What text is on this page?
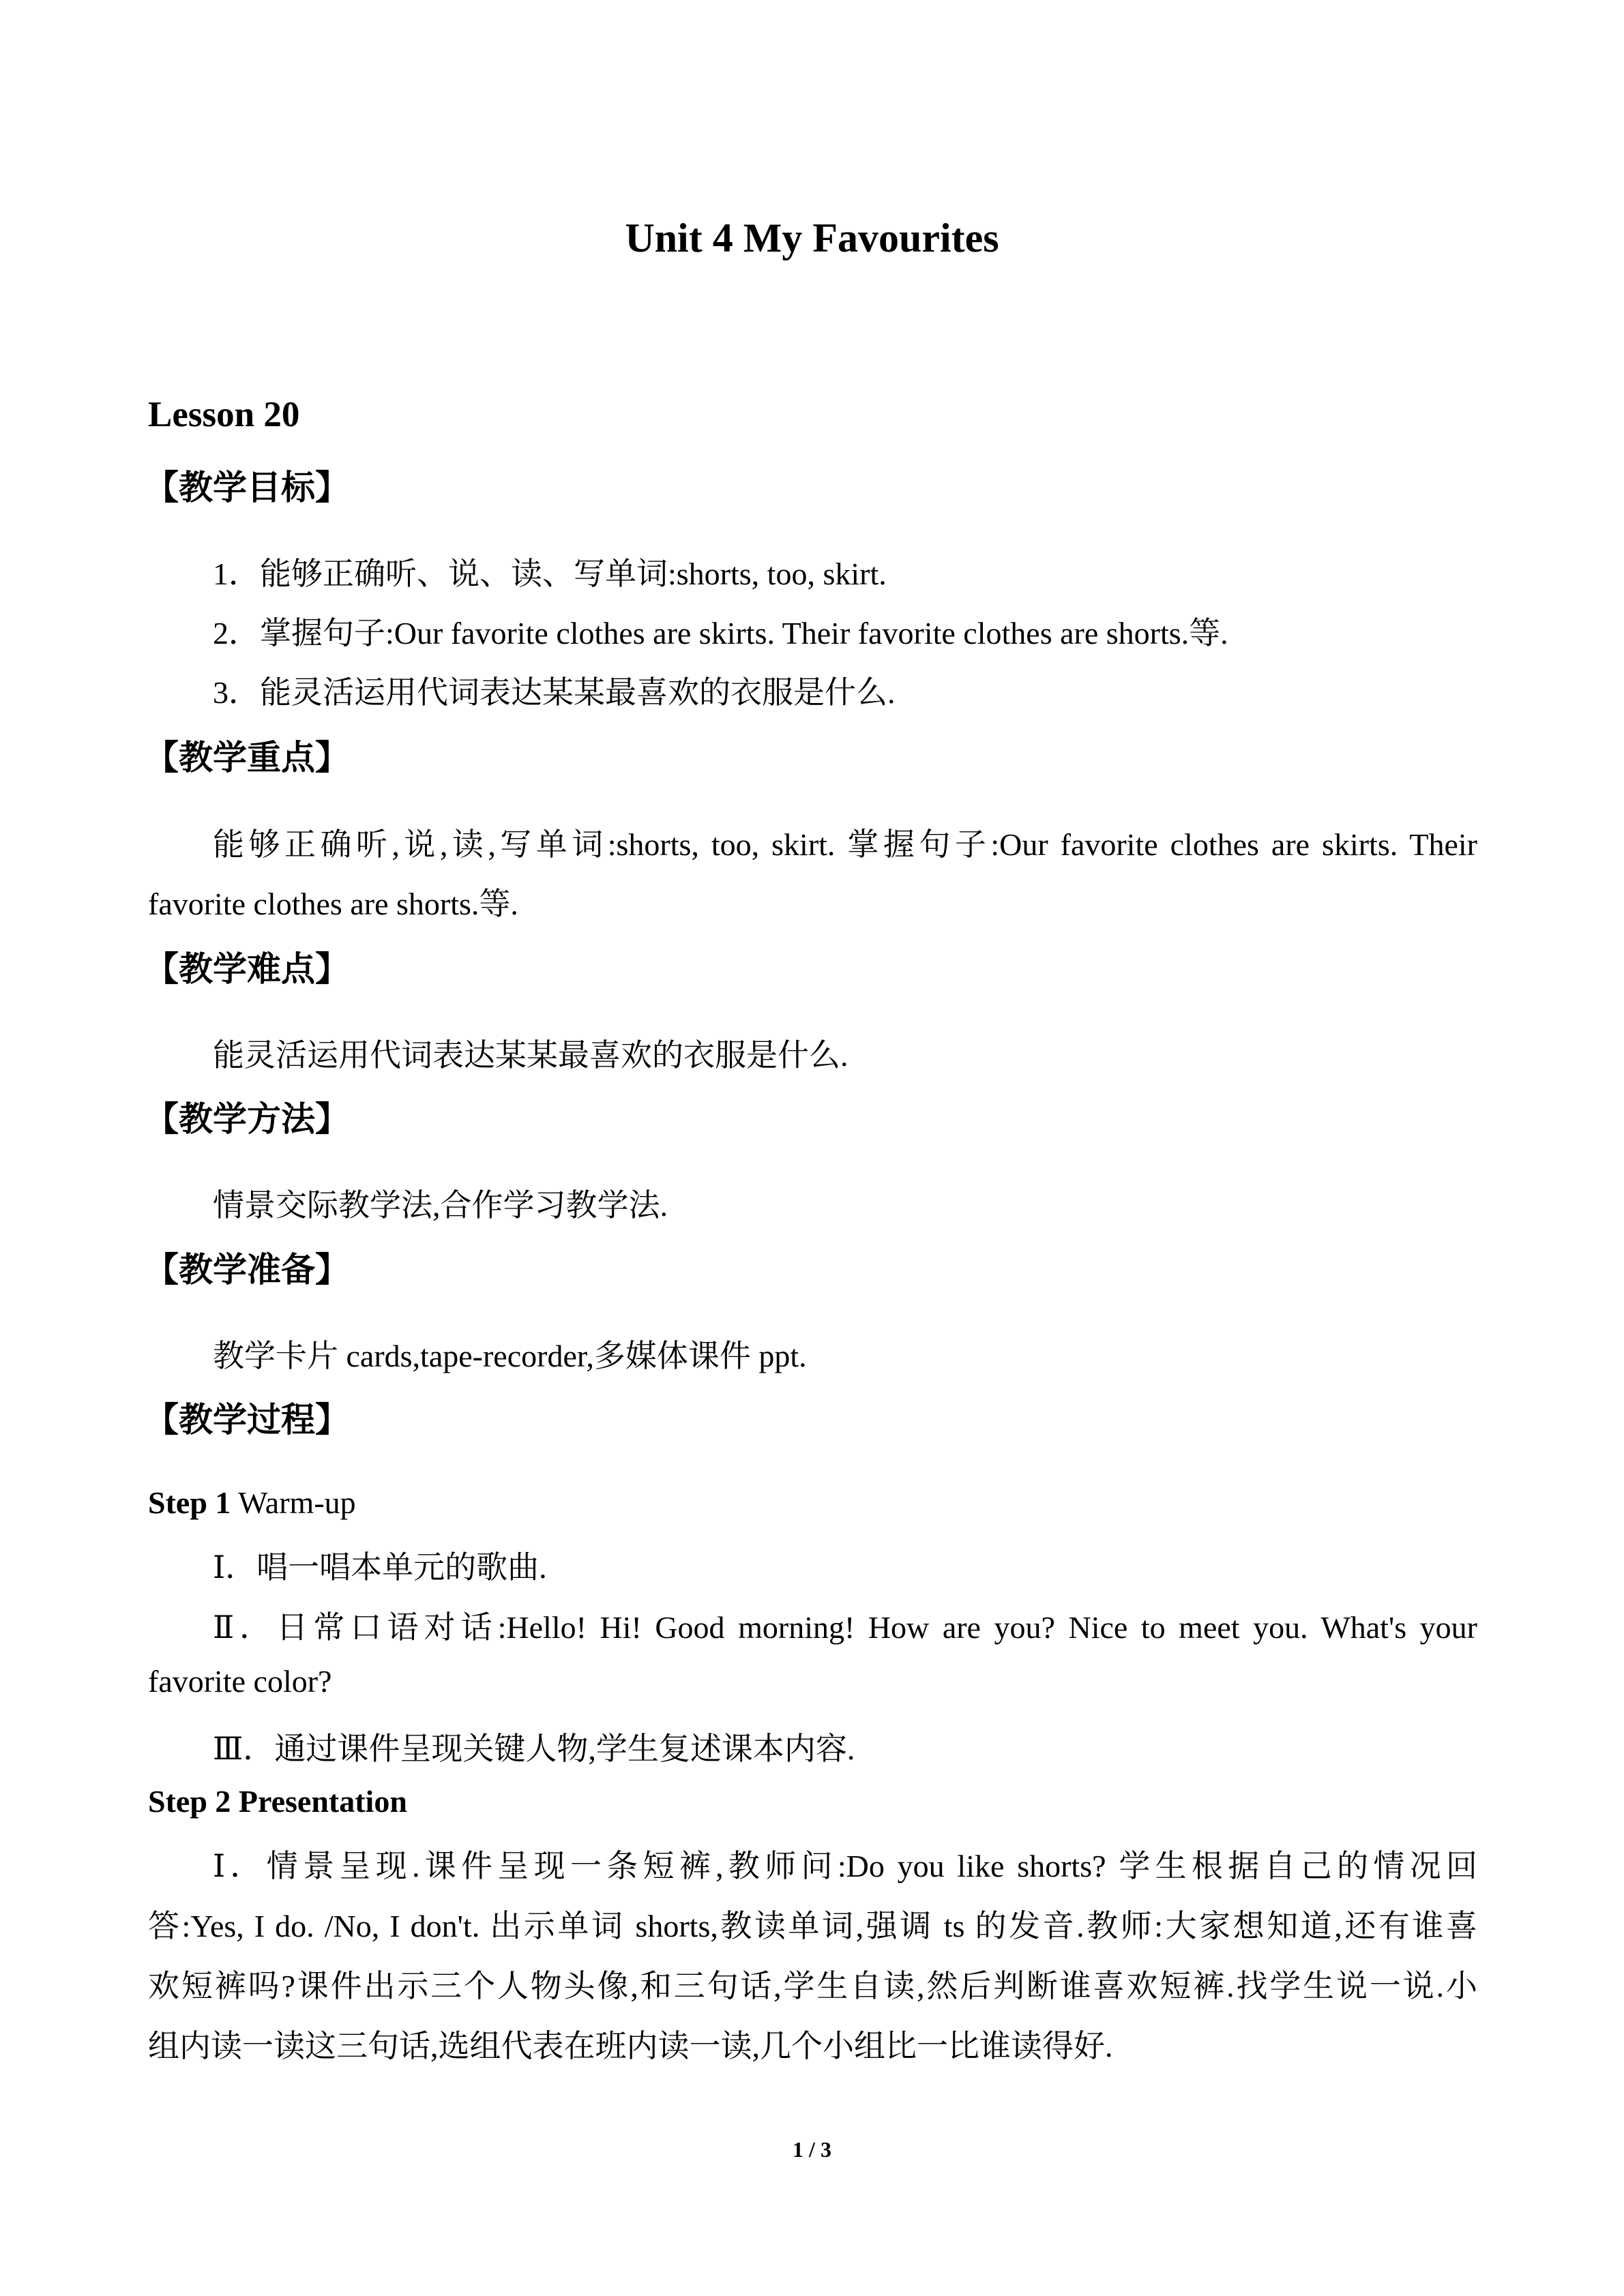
Unit 4 My Favourites
Lesson 20
【教学目标】
1．能够正确听、说、读、写单词:shorts, too, skirt.
2．掌握句子:Our favorite clothes are skirts. Their favorite clothes are shorts.等.
3．能灵活运用代词表达某某最喜欢的衣服是什么.
【教学重点】
能够正确听,说,读,写单词:shorts, too, skirt. 掌握句子:Our favorite clothes are skirts. Their
favorite clothes are shorts.等.
【教学难点】
能灵活运用代词表达某某最喜欢的衣服是什么.
【教学方法】
情景交际教学法,合作学习教学法.
【教学准备】
教学卡片 cards,tape-recorder,多媒体课件 ppt.
【教学过程】
Step 1 Warm-up
Ⅰ．唱一唱本单元的歌曲.
Ⅱ．日常口语对话:Hello! Hi! Good morning! How are you? Nice to meet you. What's your
favorite color?
Ⅲ．通过课件呈现关键人物,学生复述课本内容.
Step 2 Presentation
Ⅰ．情景呈现.课件呈现一条短裤,教师问:Do you like shorts? 学生根据自己的情况回
答:Yes, I do. /No, I don't. 出示单词 shorts,教读单词,强调 ts 的发音.教师:大家想知道,还有谁喜
欢短裤吗?课件出示三个人物头像,和三句话,学生自读,然后判断谁喜欢短裤.找学生说一说.小
组内读一读这三句话,选组代表在班内读一读,几个小组比一比谁读得好.
1 / 3
